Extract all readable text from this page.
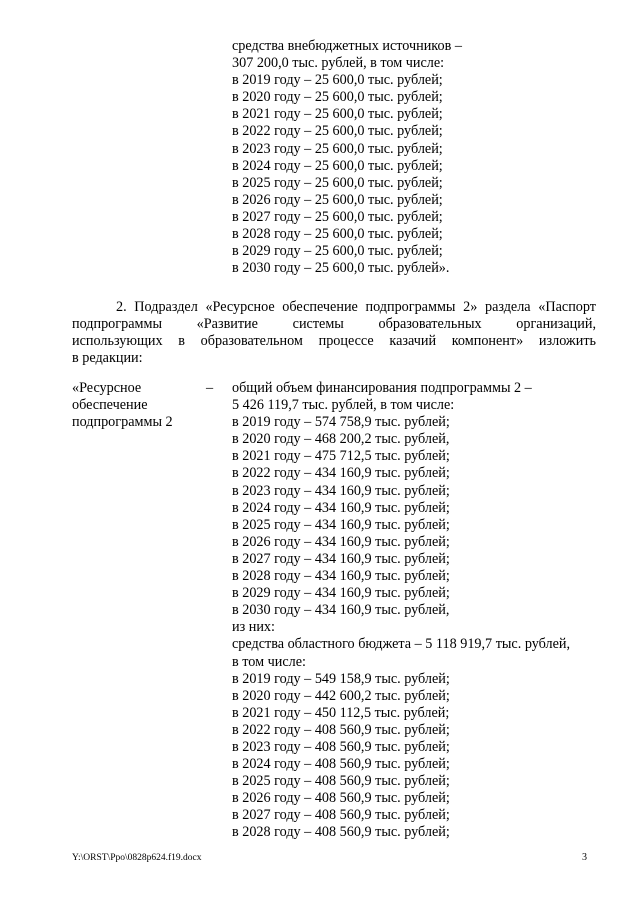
средства внебюджетных источников –
307 200,0 тыс. рублей, в том числе:
в 2019 году – 25 600,0 тыс. рублей;
в 2020 году – 25 600,0 тыс. рублей;
в 2021 году – 25 600,0 тыс. рублей;
в 2022 году – 25 600,0 тыс. рублей;
в 2023 году – 25 600,0 тыс. рублей;
в 2024 году – 25 600,0 тыс. рублей;
в 2025 году – 25 600,0 тыс. рублей;
в 2026 году – 25 600,0 тыс. рублей;
в 2027 году – 25 600,0 тыс. рублей;
в 2028 году – 25 600,0 тыс. рублей;
в 2029 году – 25 600,0 тыс. рублей;
в 2030 году – 25 600,0 тыс. рублей».
2. Подраздел «Ресурсное обеспечение подпрограммы 2» раздела «Паспорт
подпрограммы «Развитие системы образовательных организаций,
использующих в образовательном процессе казачий компонент» изложить
в редакции:
«Ресурсное
обеспечение
подпрограммы 2
– общий объем финансирования подпрограммы 2 –
5 426 119,7 тыс. рублей, в том числе:
в 2019 году – 574 758,9 тыс. рублей;
в 2020 году – 468 200,2 тыс. рублей,
в 2021 году – 475 712,5 тыс. рублей;
в 2022 году – 434 160,9 тыс. рублей;
в 2023 году – 434 160,9 тыс. рублей;
в 2024 году – 434 160,9 тыс. рублей;
в 2025 году – 434 160,9 тыс. рублей;
в 2026 году – 434 160,9 тыс. рублей;
в 2027 году – 434 160,9 тыс. рублей;
в 2028 году – 434 160,9 тыс. рублей;
в 2029 году – 434 160,9 тыс. рублей;
в 2030 году – 434 160,9 тыс. рублей,
из них:
средства областного бюджета – 5 118 919,7 тыс. рублей,
в том числе:
в 2019 году – 549 158,9 тыс. рублей;
в 2020 году – 442 600,2 тыс. рублей;
в 2021 году – 450 112,5 тыс. рублей;
в 2022 году – 408 560,9 тыс. рублей;
в 2023 году – 408 560,9 тыс. рублей;
в 2024 году – 408 560,9 тыс. рублей;
в 2025 году – 408 560,9 тыс. рублей;
в 2026 году – 408 560,9 тыс. рублей;
в 2027 году – 408 560,9 тыс. рублей;
в 2028 году – 408 560,9 тыс. рублей;
Y:\ORST\Ppo\0828p624.f19.docx	3
